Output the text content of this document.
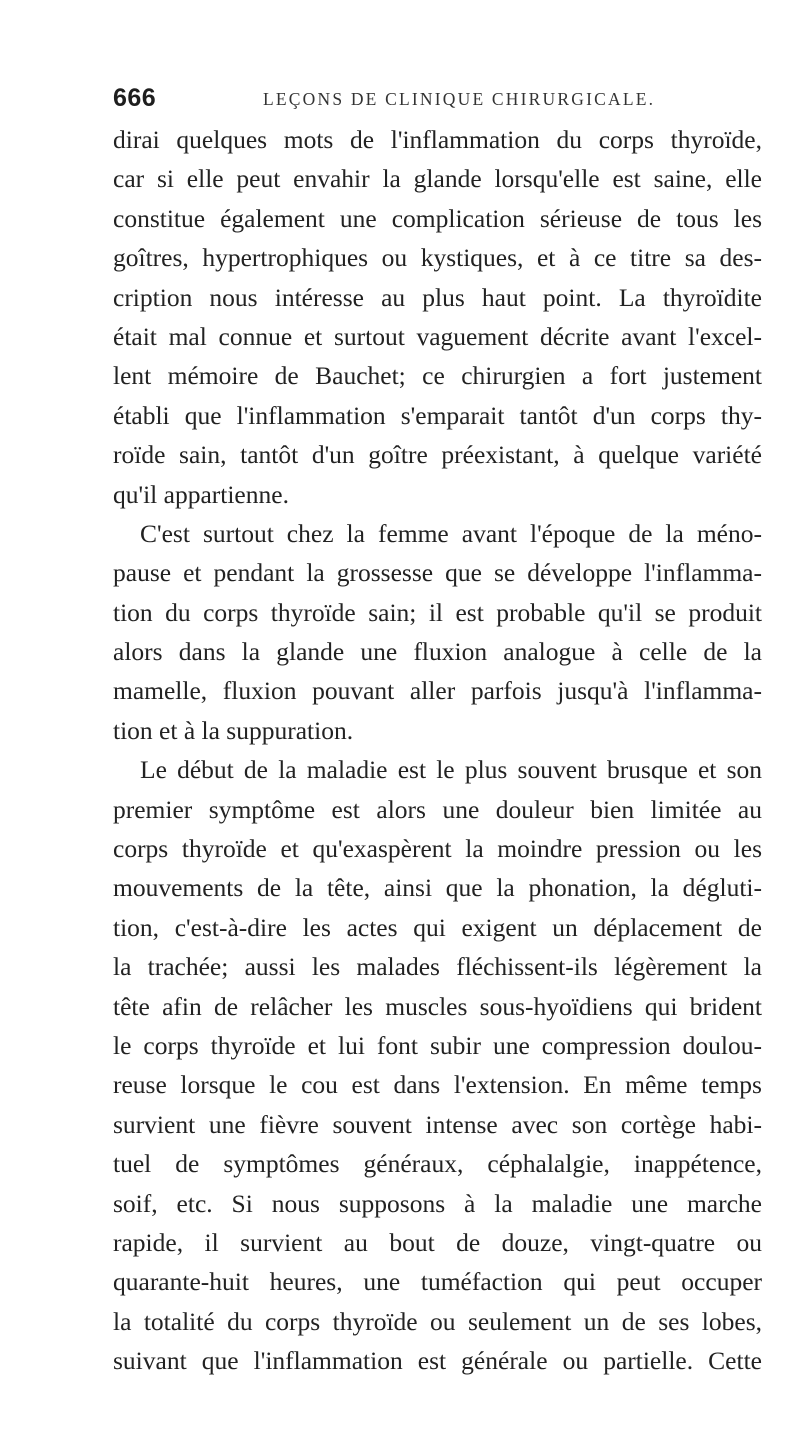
666	LEÇONS DE CLINIQUE CHIRURGICALE.
dirai quelques mots de l'inflammation du corps thyroïde,
car si elle peut envahir la glande lorsqu'elle est saine, elle
constitue également une complication sérieuse de tous les
goîtres, hypertrophiques ou kystiques, et à ce titre sa des-
cription nous intéresse au plus haut point. La thyroïdite
était mal connue et surtout vaguement décrite avant l'excel-
lent mémoire de Bauchet; ce chirurgien a fort justement
établi que l'inflammation s'emparait tantôt d'un corps thy-
roïde sain, tantôt d'un goître préexistant, à quelque variété
qu'il appartienne.
C'est surtout chez la femme avant l'époque de la méno-
pause et pendant la grossesse que se développe l'inflamma-
tion du corps thyroïde sain; il est probable qu'il se produit
alors dans la glande une fluxion analogue à celle de la
mamelle, fluxion pouvant aller parfois jusqu'à l'inflamma-
tion et à la suppuration.
Le début de la maladie est le plus souvent brusque et son
premier symptôme est alors une douleur bien limitée au
corps thyroïde et qu'exaspèrent la moindre pression ou les
mouvements de la tête, ainsi que la phonation, la dégluti-
tion, c'est-à-dire les actes qui exigent un déplacement de
la trachée; aussi les malades fléchissent-ils légèrement la
tête afin de relâcher les muscles sous-hyoïdiens qui brident
le corps thyroïde et lui font subir une compression doulou-
reuse lorsque le cou est dans l'extension. En même temps
survient une fièvre souvent intense avec son cortège habi-
tuel de symptômes généraux, céphalalgie, inappétence,
soif, etc. Si nous supposons à la maladie une marche
rapide, il survient au bout de douze, vingt-quatre ou
quarante-huit heures, une tuméfaction qui peut occuper
la totalité du corps thyroïde ou seulement un de ses lobes,
suivant que l'inflammation est générale ou partielle. Cette
